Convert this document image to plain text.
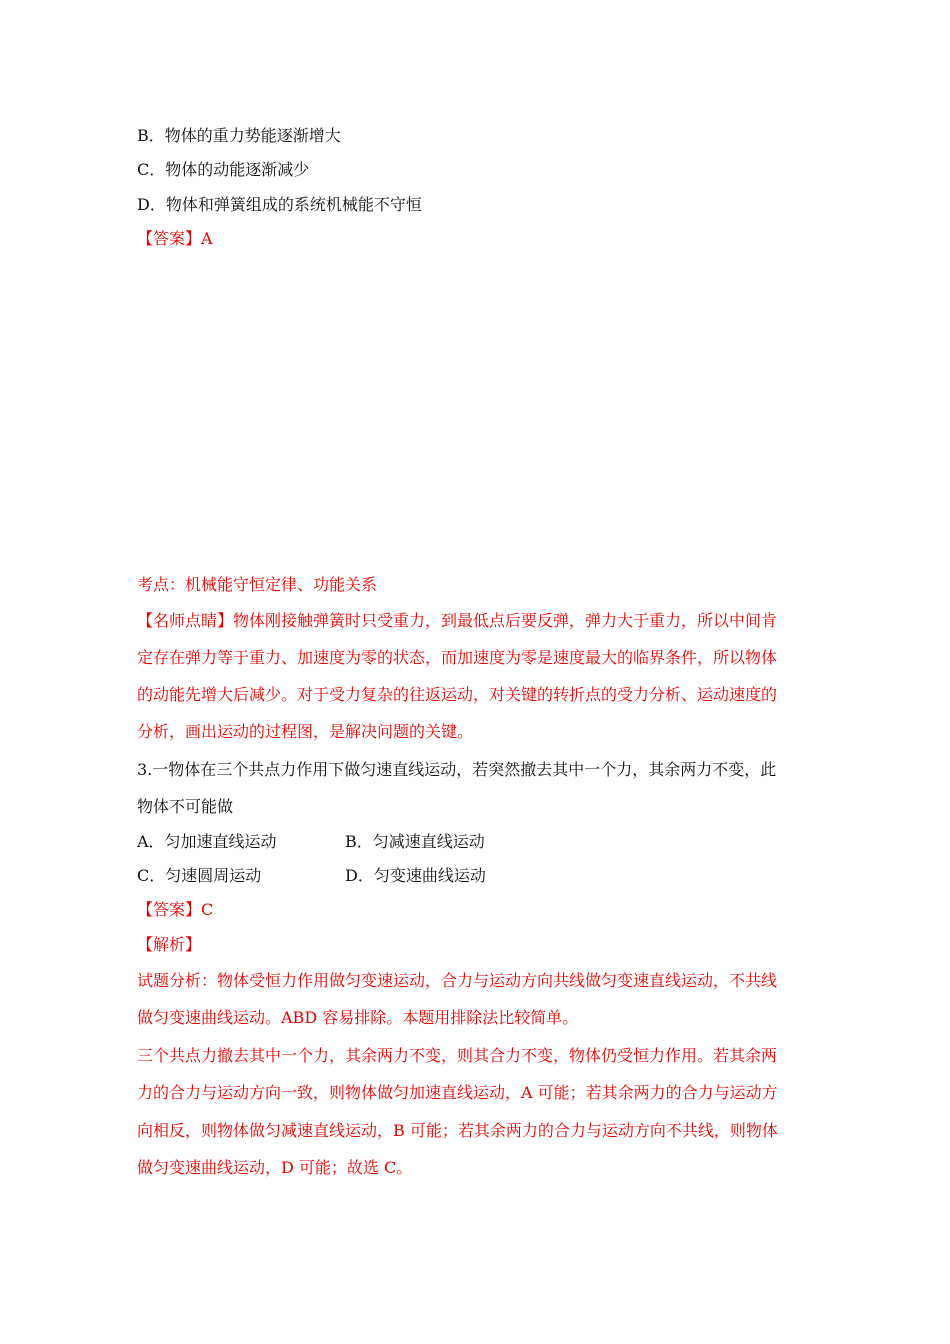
B．物体的重力势能逐渐增大
C．物体的动能逐渐减少
D．物体和弹簧组成的系统机械能不守恒
【答案】A
考点：机械能守恒定律、功能关系
【名师点睛】物体刚接触弹簧时只受重力，到最低点后要反弹，弹力大于重力，所以中间肯
定存在弹力等于重力、加速度为零的状态，而加速度为零是速度最大的临界条件，所以物体
的动能先增大后减少。对于受力复杂的往返运动，对关键的转折点的受力分析、运动速度的
分析，画出运动的过程图，是解决问题的关键。
3.一物体在三个共点力作用下做匀速直线运动，若突然撤去其中一个力，其余两力不变，此
物体不可能做
A．匀加速直线运动	B．匀减速直线运动
C．匀速圆周运动	D．匀变速曲线运动
【答案】C
【解析】
试题分析：物体受恒力作用做匀变速运动，合力与运动方向共线做匀变速直线运动，不共线
做匀变速曲线运动。ABD 容易排除。本题用排除法比较简单。
三个共点力撤去其中一个力，其余两力不变，则其合力不变，物体仍受恒力作用。若其余两
力的合力与运动方向一致，则物体做匀加速直线运动，A 可能；若其余两力的合力与运动方
向相反，则物体做匀减速直线运动，B 可能；若其余两力的合力与运动方向不共线，则物体
做匀变速曲线运动，D 可能；故选 C。
